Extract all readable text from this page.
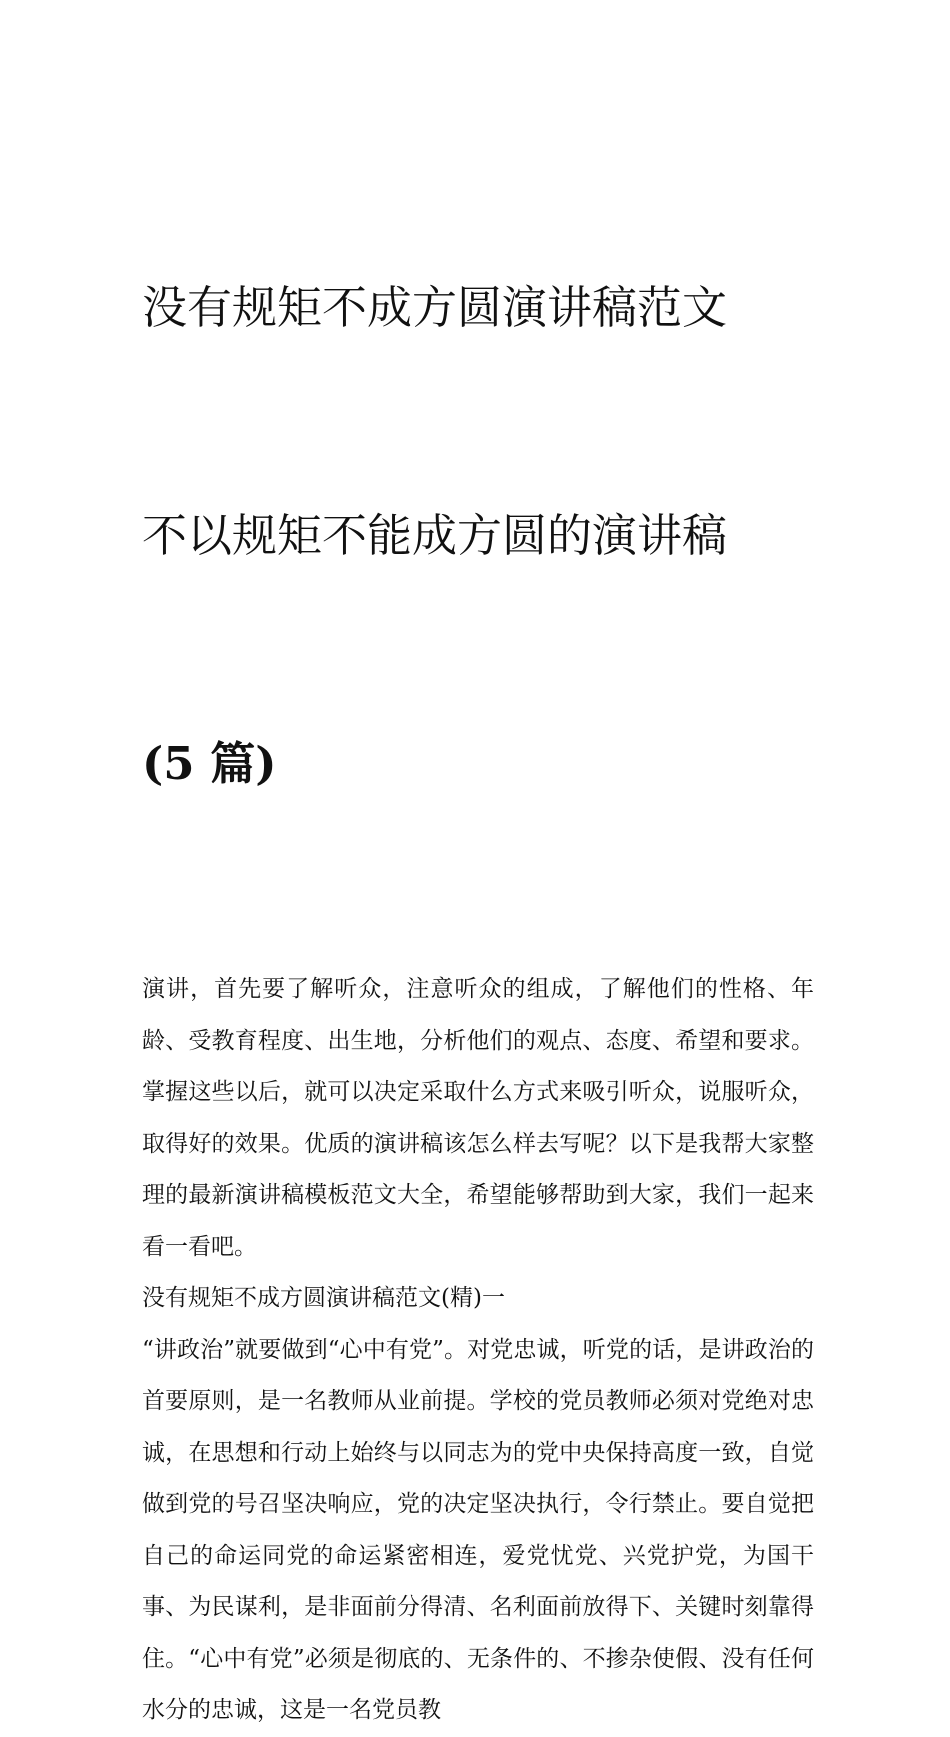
没有规矩不成方圆演讲稿范文

不以规矩不能成方圆的演讲稿

(5 篇)

演讲，首先要了解听众，注意听众的组成，了解他们的性格、年龄、受教育程度、出生地，分析他们的观点、态度、希望和要求。掌握这些以后，就可以决定采取什么方式来吸引听众，说服听众，取得好的效果。优质的演讲稿该怎么样去写呢？以下是我帮大家整理的最新演讲稿模板范文大全，希望能够帮助到大家，我们一起来看一看吧。

没有规矩不成方圆演讲稿范文(精)一

“讲政治”就要做到“心中有党”。对党忠诚，听党的话，是讲政治的首要原则，是一名教师从业前提。学校的党员教师必须对党绝对忠诚，在思想和行动上始终与以同志为的党中央保持高度一致，自觉做到党的号召坚决响应，党的决定坚决执行，令行禁止。要自觉把自己的命运同党的命运紧密相连，爱党忧党、兴党护党，为国干事、为民谋利，是非面前分得清、名利面前放得下、关键时刻靠得住。“心中有党”必须是彻底的、无条件的、不掺杂使假、没有任何水分的忠诚，这是一名党员教
